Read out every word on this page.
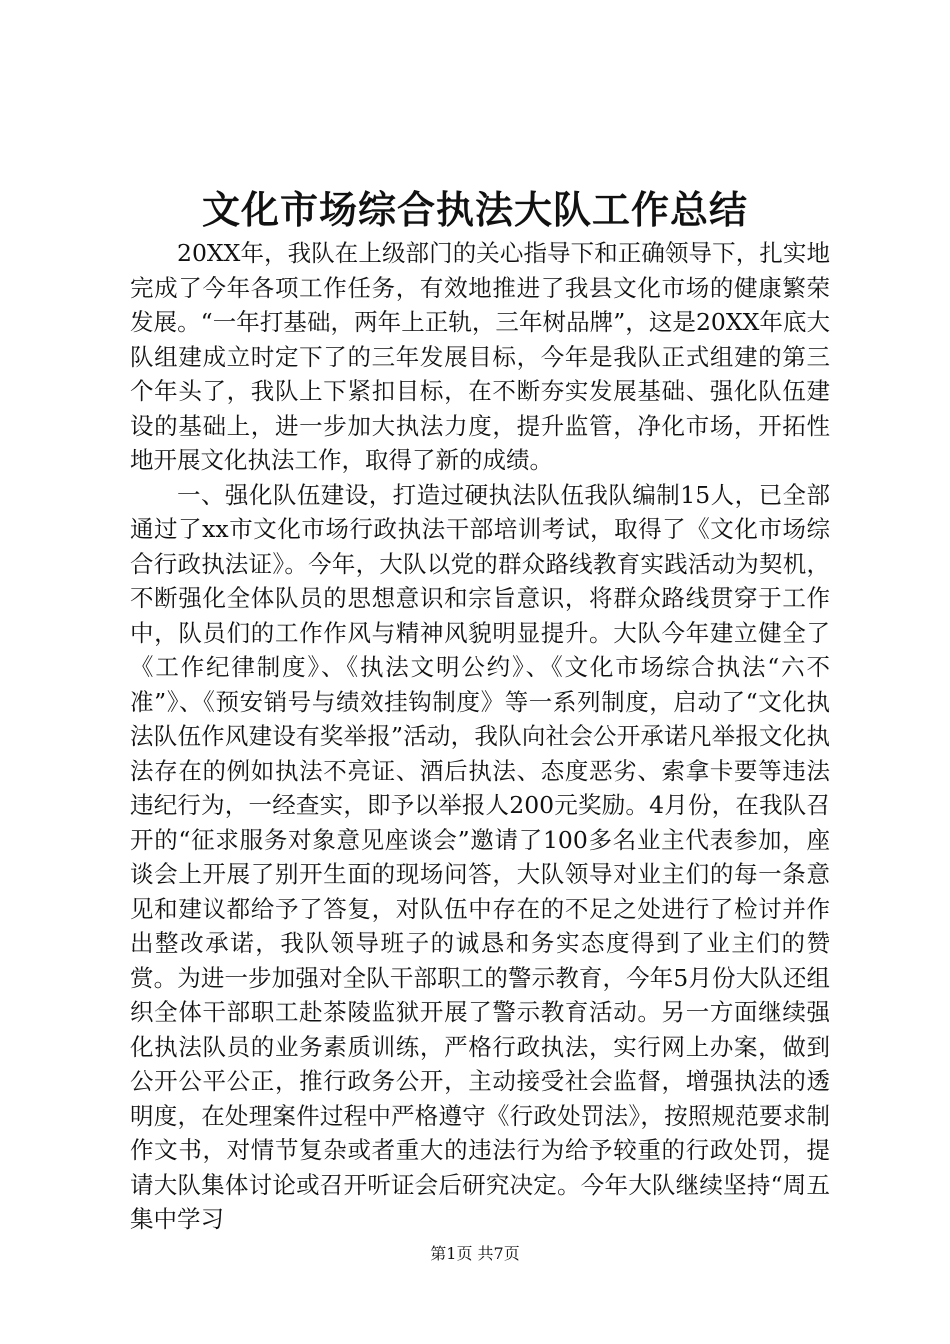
文化市场综合执法大队工作总结

20XX年，我队在上级部门的关心指导下和正确领导下，扎实地完成了今年各项工作任务，有效地推进了我县文化市场的健康繁荣发展。“一年打基础，两年上正轨，三年树品牌”，这是20XX年底大队组建成立时定下了的三年发展目标，今年是我队正式组建的第三个年头了，我队上下紧扣目标，在不断夯实发展基础、强化队伍建设的基础上，进一步加大执法力度，提升监管，净化市场，开拓性地开展文化执法工作，取得了新的成绩。

一、强化队伍建设，打造过硬执法队伍我队编制15人，已全部通过了xx市文化市场行政执法干部培训考试，取得了《文化市场综合行政执法证》。今年，大队以党的群众路线教育实践活动为契机，不断强化全体队员的思想意识和宗旨意识，将群众路线贯穿于工作中，队员们的工作作风与精神风貌明显提升。大队今年建立健全了《工作纪律制度》、《执法文明公约》、《文化市场综合执法“六不准”》、《预安销号与绩效挂钩制度》等一系列制度，启动了“文化执法队伍作风建设有奖举报”活动，我队向社会公开承诺凡举报文化执法存在的例如执法不亮证、酒后执法、态度恶劣、索拿卡要等违法违纪行为，一经查实，即予以举报人200元奖励。4月份，在我队召开的“征求服务对象意见座谈会”邀请了100多名业主代表参加，座谈会上开展了别开生面的现场问答，大队领导对业主们的每一条意见和建议都给予了答复，对队伍中存在的不足之处进行了检讨并作出整改承诺，我队领导班子的诚恳和务实态度得到了业主们的赞赏。为进一步加强对全队干部职工的警示教育，今年5月份大队还组织全体干部职工赴茶陵监狱开展了警示教育活动。另一方面继续强化执法队员的业务素质训练，严格行政执法，实行网上办案，做到公开公平公正，推行政务公开，主动接受社会监督，增强执法的透明度，在处理案件过程中严格遵守《行政处罚法》，按照规范要求制作文书，对情节复杂或者重大的违法行为给予较重的行政处罚，提请大队集体讨论或召开听证会后研究决定。今年大队继续坚持“周五集中学习

第1页 共7页
